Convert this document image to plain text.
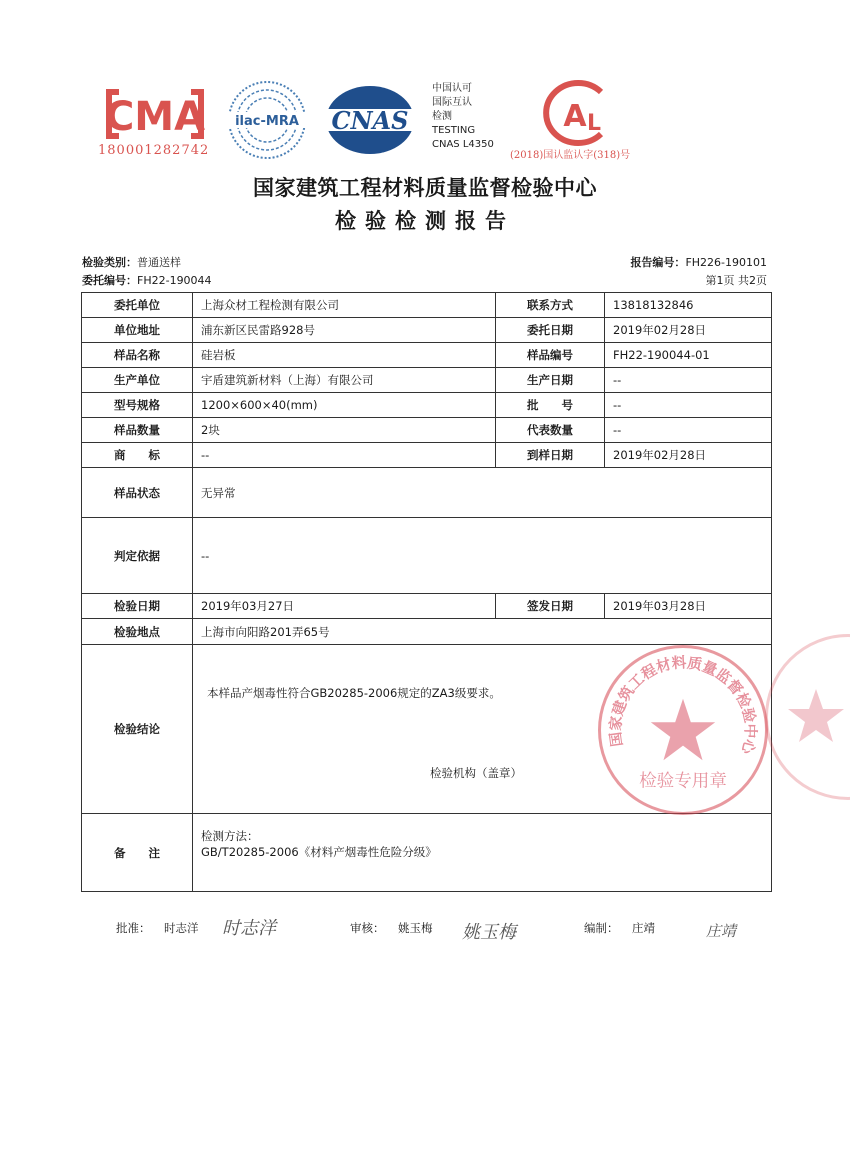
CMA
180001282742
ilac-MRA CNAS
中国认可
国际互认
检测
TESTING
CNAS L4350
A L
(2018)国认监认字(318)号
国家建筑工程材料质量监督检验中心
检验检测报告
检验类别：普通送样
委托编号：FH22-190044
报告编号：FH226-190101
第1页 共2页
委托单位	上海众材工程检测有限公司	联系方式	13818132846
单位地址	浦东新区民雷路928号	委托日期	2019年02月28日
样品名称	硅岩板	样品编号	FH22-190044-01
生产单位	宇盾建筑新材料（上海）有限公司	生产日期	--
型号规格	1200×600×40(mm)	批　　号	--
样品数量	2块	代表数量	--
商　　标	--	到样日期	2019年02月28日
样品状态	无异常		
判定依据	--		
检验日期	2019年03月27日	签发日期	2019年03月28日
检验地点	上海市向阳路201弄65号		
检验结论	本样品产烟毒性符合GB20285-2006规定的ZA3级要求。		
备　　注	检测方法：
GB/T20285-2006《材料产烟毒性危险分级》		
国家建筑工程材料质量监督检验中心
检验专用章
检验机构（盖章）
批准： 时志洋 时志洋	审核： 姚玉梅 姚玉梅	编制： 庄靖	庄靖
